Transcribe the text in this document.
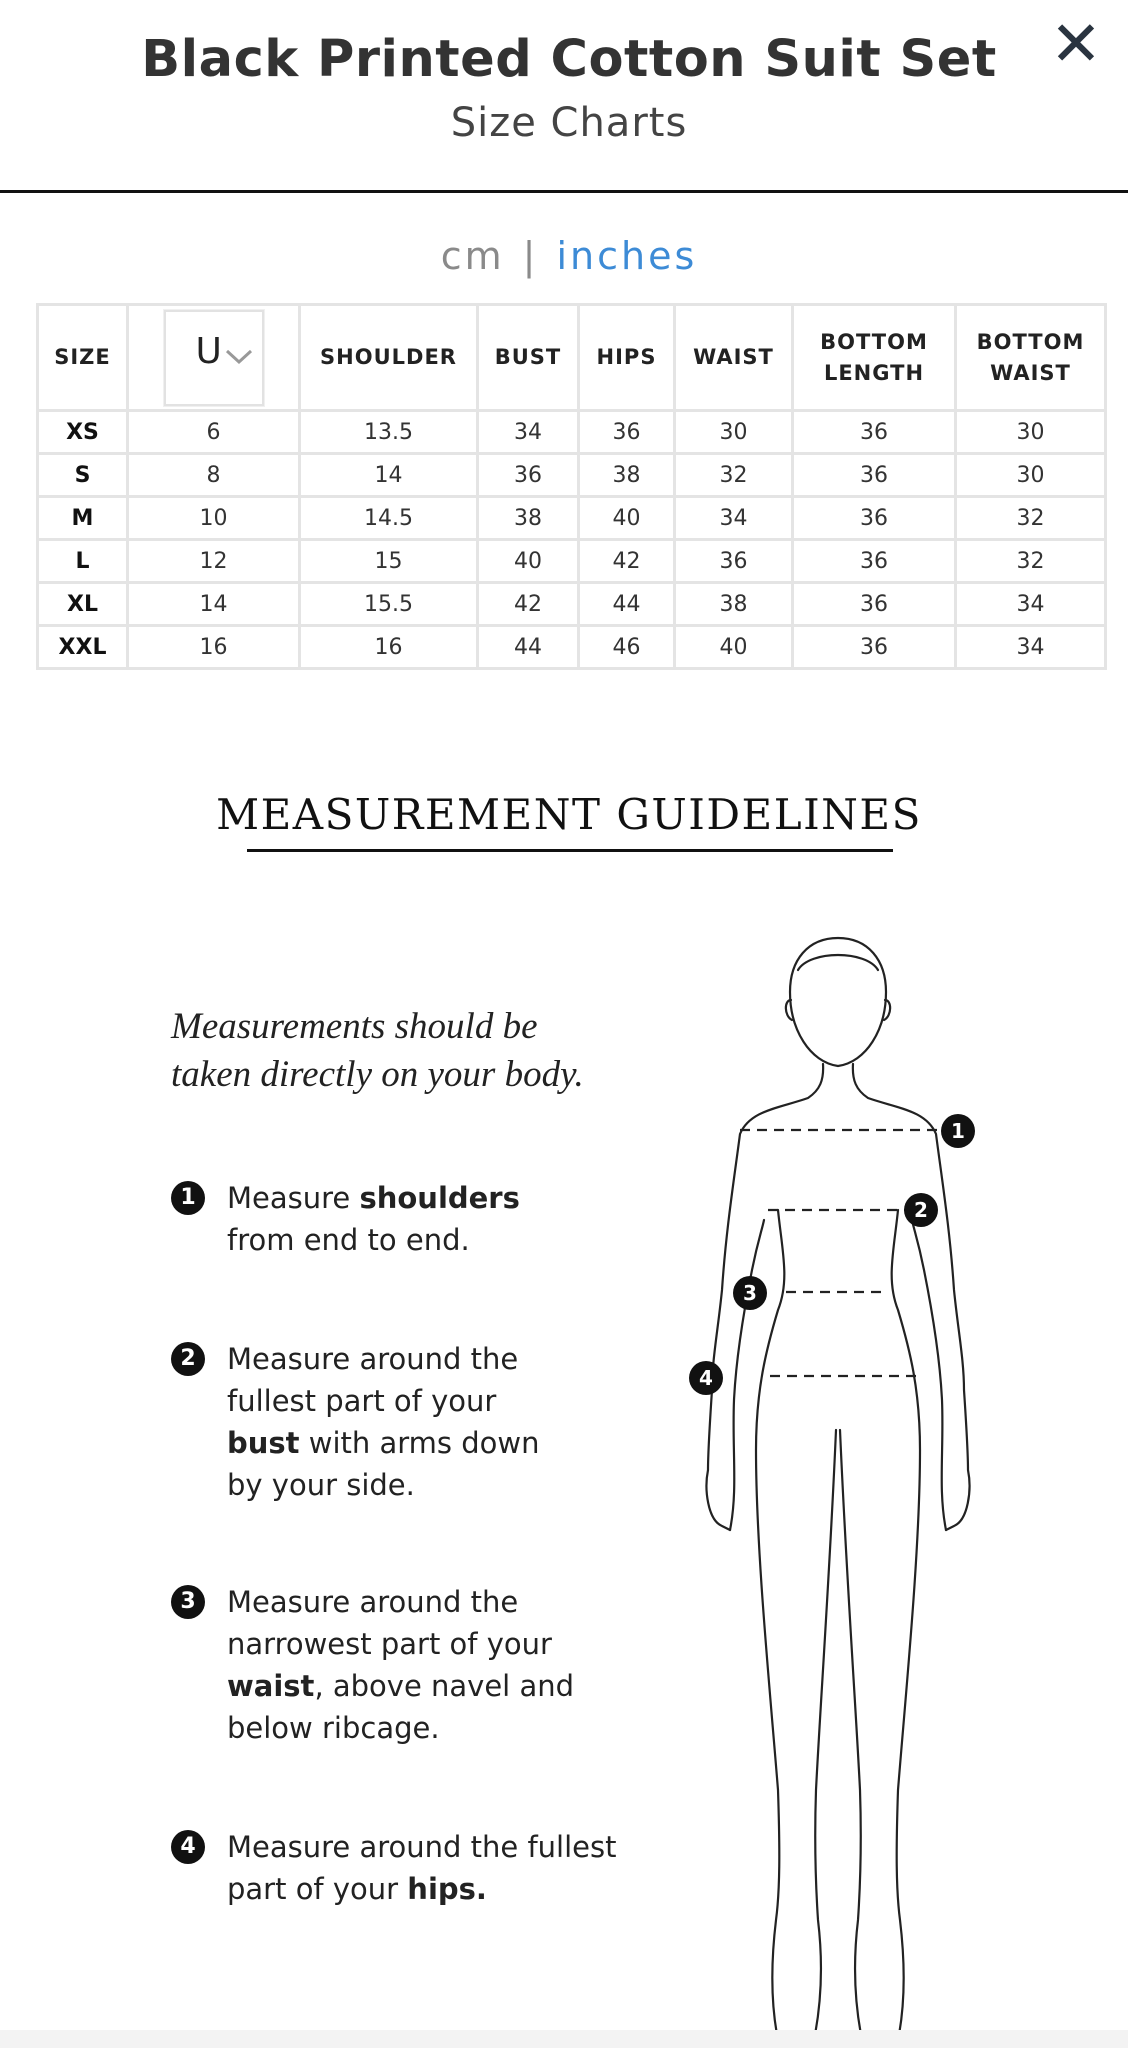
Black Printed Cotton Suit Set
Size Charts
✕
cm | inches
SIZE	U	SHOULDER	BUST	HIPS	WAIST	BOTTOM LENGTH	BOTTOM WAIST
XS	6	13.5	34	36	30	36	30
S	8	14	36	38	32	36	30
M	10	14.5	38	40	34	36	32
L	12	15	40	42	36	36	32
XL	14	15.5	42	44	38	36	34
XXL	16	16	44	46	40	36	34
MEASUREMENT GUIDELINES
Measurements should be
taken directly on your body.
1	Measure shoulders from end to end.
2	Measure around the fullest part of your bust with arms down by your side.
3	Measure around the narrowest part of your waist, above navel and below ribcage.
4	Measure around the fullest part of your hips.
1
2
3
4
